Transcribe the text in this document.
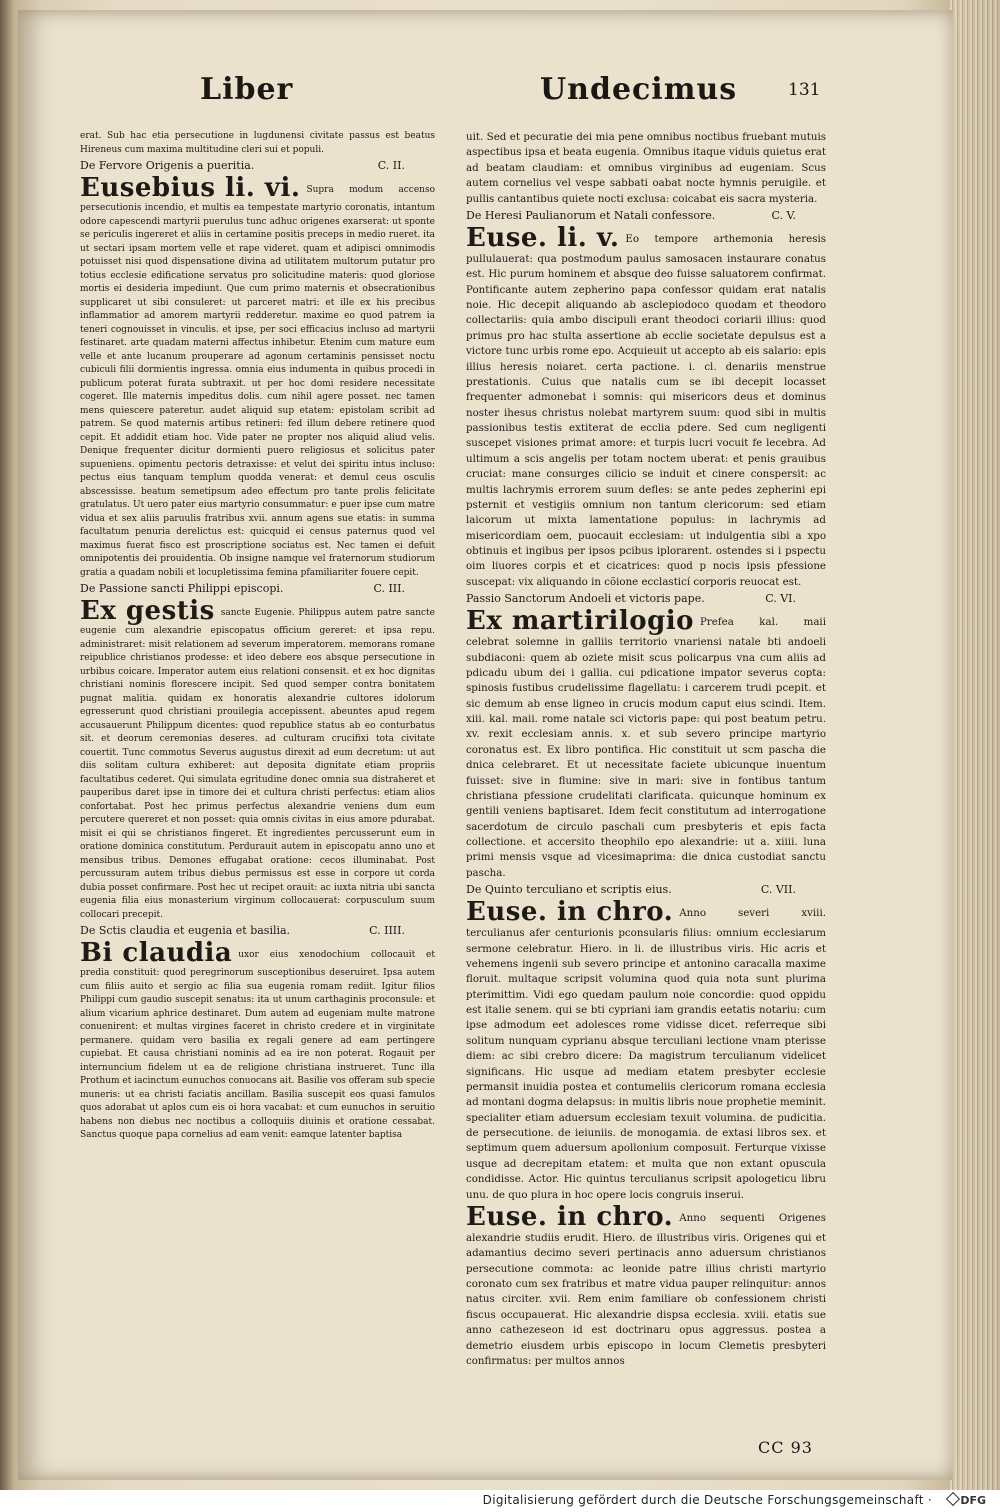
Liber	Undecimus	131

erat. Sub hac etia persecutione in lugdunensi civitate passus est beatus Hireneus cum maxima multitudine cleri sui et populi.

De Fervore Origenis a pueritia.	C. II.

Eusebius li. vi. Supra modum accenso persecutionis incendio, et multis ea tempestate martyrio coronatis, intantum odore capescendi martyrii puerulus tunc adhuc origenes exarserat: ut sponte se periculis ingereret et aliis in certamine positis preceps in medio rueret. ita ut sectari ipsam mortem velle et rape videret. quam et adipisci omnimodis potuisset nisi quod dispensatione divina ad utilitatem multorum putatur pro totius ecclesie edificatione servatus pro solicitudine materis: quod gloriose mortis ei desideria impediunt. Que cum primo maternis et obsecrationibus supplicaret ut sibi consuleret: ut parceret matri: et ille ex his precibus inflammatior ad amorem martyrii redderetur. maxime eo quod patrem ia teneri cognouisset in vinculis. et ipse, per soci efficacius incluso ad martyrii festinaret. arte quadam materni affectus inhibetur. Etenim cum mature eum velle et ante lucanum prouperare ad agonum certaminis pensisset noctu cubiculi filii dormientis ingressa. omnia eius indumenta in quibus procedi in publicum poterat furata subtraxit. ut per hoc domi residere necessitate cogeret. Ille maternis impeditus dolis. cum nihil agere posset. nec tamen mens quiescere pateretur. audet aliquid sup etatem: epistolam scribit ad patrem. Se quod maternis artibus retineri: fed illum debere retinere quod cepit. Et addidit etiam hoc. Vide pater ne propter nos aliquid aliud velis. Denique frequenter dicitur dormienti puero religiosus et solicitus pater supueniens. opimentu pectoris detraxisse: et velut dei spiritu intus incluso: pectus eius tanquam templum quodda venerat: et demul ceus osculis abscessisse. beatum semetipsum adeo effectum pro tante prolis felicitate gratulatus. Ut uero pater eius martyrio consummatur: e puer ipse cum matre vidua et sex aliis paruulis fratribus xvii. annum agens sue etatis: in summa facultatum penuria derelictus est: quicquid ei census paternus quod vel maximus fuerat fisco est proscriptione sociatus est. Nec tamen ei defuit omnipotentis dei prouidentia. Ob insigne namque vel fraternorum studiorum gratia a quadam nobili et locupletissima femina pfamiliariter fouere cepit.

De Passione sancti Philippi episcopi.	C. III.

Ex gestis sancte Eugenie. Philippus autem patre sancte eugenie cum alexandrie episcopatus officium gereret: et ipsa repu. administraret: misit relationem ad severum imperatorem. memorans romane reipublice christianos prodesse: et ideo debere eos absque persecutione in urbibus coicare. Imperator autem eius relationi consensit. et ex hoc dignitas christiani nominis florescere incipit. Sed quod semper contra bonitatem pugnat malitia. quidam ex honoratis alexandrie cultores idolorum egresserunt quod christiani prouilegia accepissent. abeuntes apud regem accusauerunt Philippum dicentes: quod republice status ab eo conturbatus sit. et deorum ceremonias deseres. ad culturam crucifixi tota civitate couertit. Tunc commotus Severus augustus direxit ad eum decretum: ut aut diis solitam cultura exhiberet: aut deposita dignitate etiam propriis facultatibus cederet. Qui simulata egritudine donec omnia sua distraheret et pauperibus daret ipse in timore dei et cultura christi perfectus: etiam alios confortabat. Post hec primus perfectus alexandrie veniens dum eum percutere quereret et non posset: quia omnis civitas in eius amore pdurabat. misit ei qui se christianos fingeret. Et ingredientes percusserunt eum in oratione dominica constitutum. Perdurauit autem in episcopatu anno uno et mensibus tribus. Demones effugabat oratione: cecos illuminabat. Post percussuram autem tribus diebus permissus est esse in corpore ut corda dubia posset confirmare. Post hec ut recipet orauit: ac iuxta nitria ubi sancta eugenia filia eius monasterium virginum collocauerat: corpusculum suum collocari precepit.

De Sctis claudia et eugenia et basilia.	C. IIII.

Bi claudia uxor eius xenodochium collocauit et predia constituit: quod peregrinorum susceptionibus deseruiret. Ipsa autem cum filiis auito et sergio ac filia sua eugenia romam rediit. Igitur filios Philippi cum gaudio suscepit senatus: ita ut unum carthaginis proconsule: et alium vicarium aphrice destinaret. Dum autem ad eugeniam multe matrone conuenirent: et multas virgines faceret in christo credere et in virginitate permanere. quidam vero basilia ex regali genere ad eam pertingere cupiebat. Et causa christiani nominis ad ea ire non poterat. Rogauit per internuncium fidelem ut ea de religione christiana instrueret. Tunc illa Prothum et iacinctum eunuchos conuocans ait. Basilie vos offeram sub specie muneris: ut ea christi faciatis ancillam. Basilia suscepit eos quasi famulos quos adorabat ut aplos cum eis oi hora vacabat: et cum eunuchos in seruitio habens non diebus nec noctibus a colloquiis diuinis et oratione cessabat. Sanctus quoque papa cornelius ad eam venit: eamque latenter baptisa

uit. Sed et pecuratie dei mia pene omnibus noctibus fruebant mutuis aspectibus ipsa et beata eugenia. Omnibus itaque viduis quietus erat ad beatam claudiam: et omnibus virginibus ad eugeniam. Scus autem cornelius vel vespe sabbati oabat nocte hymnis peruigile. et pullis cantantibus quiete nocti exclusa: coicabat eis sacra mysteria.

De Heresi Paulianorum et Natali confessore.	C. V.

Euse. li. v. Eo tempore arthemonia heresis pullulauerat: qua postmodum paulus samosacen instaurare conatus est. Hic purum hominem et absque deo fuisse saluatorem confirmat. Pontificante autem zepherino papa confessor quidam erat natalis noie. Hic decepit aliquando ab asclepiodoco quodam et theodoro collectariis: quia ambo discipuli erant theodoci coriarii illius: quod primus pro hac stulta assertione ab ecclie societate depulsus est a victore tunc urbis rome epo. Acquieuit ut accepto ab eis salario: epis illius heresis noiaret. certa pactione. i. cl. denariis menstrue prestationis. Cuius que natalis cum se ibi decepit locasset frequenter admonebat i somnis: qui misericors deus et dominus noster ihesus christus nolebat martyrem suum: quod sibi in multis passionibus testis extiterat de ecclia pdere. Sed cum negligenti suscepet visiones primat amore: et turpis lucri vocuit fe lecebra. Ad ultimum a scis angelis per totam noctem uberat: et penis grauibus cruciat: mane consurges cilicio se induit et cinere conspersit: ac multis lachrymis errorem suum defles: se ante pedes zepherini epi psternit et vestigiis omnium non tantum clericorum: sed etiam laicorum ut mixta lamentatione populus: in lachrymis ad misericordiam oem, puocauit ecclesiam: ut indulgentia sibi a xpo obtinuis et ingibus per ipsos pcibus iplorarent. ostendes si i pspectu oim liuores corpis et et cicatrices: quod p nocis ipsis pfessione suscepat: vix aliquando in cõione ecclasticí corporis reuocat est.

Passio Sanctorum Andoeli et victoris pape.	C. VI.

Ex martirilogio Prefea kal. maii celebrat solemne in galliis territorio vnariensi natale bti andoeli subdiaconi: quem ab oziete misit scus policarpus vna cum aliis ad pdicadu ubum dei i gallia. cui pdicatione impator severus copta: spinosis fustibus crudelissime flagellatu: i carcerem trudi pcepit. et sic demum ab ense ligneo in crucis modum caput eius scindi. Item. xiii. kal. maii. rome natale sci victoris pape: qui post beatum petru. xv. rexit ecclesiam annis. x. et sub severo principe martyrio coronatus est. Ex libro pontifica. Hic constituit ut scm pascha die dnica celebraret. Et ut necessitate faciete ubicunque inuentum fuisset: sive in flumine: sive in mari: sive in fontibus tantum christiana pfessione crudelitati clarificata. quicunque hominum ex gentili veniens baptisaret. Idem fecit constitutum ad interrogatione sacerdotum de circulo paschali cum presbyteris et epis facta collectione. et accersito theophilo epo alexandrie: ut a. xiiii. luna primi mensis vsque ad vicesimaprima: die dnica custodiat sanctu pascha.

De Quinto terculiano et scriptis eius.	C. VII.

Euse. in chro. Anno severi xviii. terculianus afer centurionis pconsularis filius: omnium ecclesiarum sermone celebratur. Hiero. in li. de illustribus viris. Hic acris et vehemens ingenii sub severo principe et antonino caracalla maxime floruit. multaque scripsit volumina quod quia nota sunt plurima pterimittim. Vidi ego quedam paulum noie concordie: quod oppidu est italie senem. qui se bti cypriani iam grandis eetatis notariu: cum ipse admodum eet adolesces rome vidisse dicet. referreque sibi solitum nunquam cyprianu absque terculiani lectione vnam pterisse diem: ac sibi crebro dicere: Da magistrum terculianum videlicet significans. Hic usque ad mediam etatem presbyter ecclesie permansit inuidia postea et contumeliis clericorum romana ecclesia ad montani dogma delapsus: in multis libris noue prophetie meminit. specialiter etiam aduersum ecclesiam texuit volumina. de pudicitia. de persecutione. de ieiuniis. de monogamia. de extasi libros sex. et septimum quem aduersum apollonium composuit. Ferturque vixisse usque ad decrepitam etatem: et multa que non extant opuscula condidisse. Actor. Hic quintus terculianus scripsit apologeticu libru unu. de quo plura in hoc opere locis congruis inserui.

Euse. in chro. Anno sequenti Origenes alexandrie studiis erudit. Hiero. de illustribus viris. Origenes qui et adamantius decimo severi pertinacis anno aduersum christianos persecutione commota: ac leonide patre illius christi martyrio coronato cum sex fratribus et matre vidua pauper relinquitur: annos natus circiter. xvii. Rem enim familiare ob confessionem christi fiscus occupauerat. Hic alexandrie dispsa ecclesia. xviii. etatis sue anno cathezeseon id est doctrinaru opus aggressus. postea a demetrio eiusdem urbis episcopo in locum Clemetis presbyteri confirmatus: per multos annos

CC 93
Digitalisierung gefördert durch die Deutsche Forschungsgemeinschaft ·	DFG
